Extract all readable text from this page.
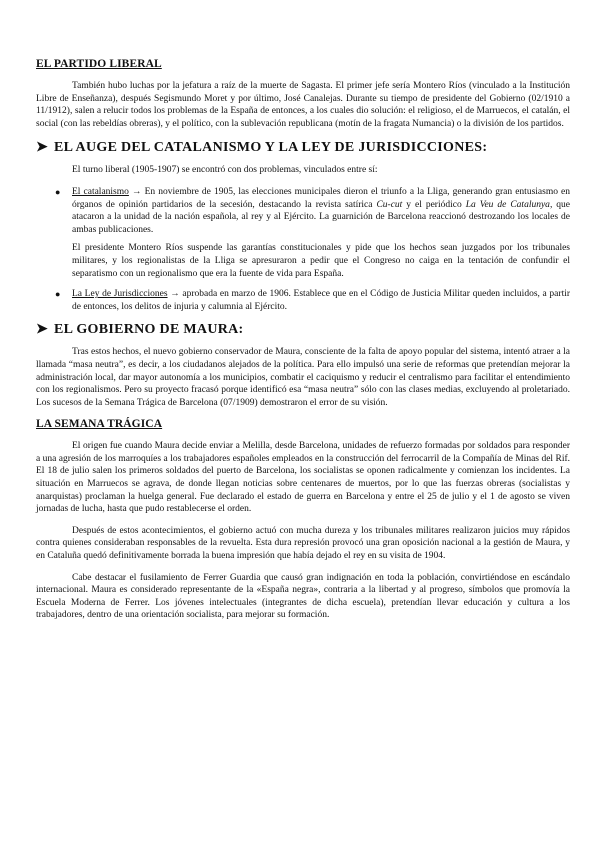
EL PARTIDO LIBERAL

También hubo luchas por la jefatura a raíz de la muerte de Sagasta. El primer jefe sería Montero Ríos (vinculado a la Institución Libre de Enseñanza), después Segismundo Moret y por último, José Canalejas. Durante su tiempo de presidente del Gobierno (02/1910 a 11/1912), salen a relucir todos los problemas de la España de entonces, a los cuales dio solución: el religioso, el de Marruecos, el catalán, el social (con las rebeldías obreras), y el político, con la sublevación republicana (motín de la fragata Numancia) o la división de los partidos.

➤ EL AUGE DEL CATALANISMO Y LA LEY DE JURISDICCIONES:

El turno liberal (1905-1907) se encontró con dos problemas, vinculados entre sí:

● El catalanismo → En noviembre de 1905, las elecciones municipales dieron el triunfo a la Lliga, generando gran entusiasmo en órganos de opinión partidarios de la secesión, destacando la revista satírica Cu-cut y el periódico La Veu de Catalunya, que atacaron a la unidad de la nación española, al rey y al Ejército. La guarnición de Barcelona reaccionó destrozando los locales de ambas publicaciones.

El presidente Montero Ríos suspende las garantías constitucionales y pide que los hechos sean juzgados por los tribunales militares, y los regionalistas de la Lliga se apresuraron a pedir que el Congreso no caiga en la tentación de confundir el separatismo con un regionalismo que era la fuente de vida para España.

● La Ley de Jurisdicciones → aprobada en marzo de 1906. Establece que en el Código de Justicia Militar queden incluidos, a partir de entonces, los delitos de injuria y calumnia al Ejército.

➤ EL GOBIERNO DE MAURA:

Tras estos hechos, el nuevo gobierno conservador de Maura, consciente de la falta de apoyo popular del sistema, intentó atraer a la llamada “masa neutra”, es decir, a los ciudadanos alejados de la política. Para ello impulsó una serie de reformas que pretendían mejorar la administración local, dar mayor autonomía a los municipios, combatir el caciquismo y reducir el centralismo para facilitar el entendimiento con los regionalismos. Pero su proyecto fracasó porque identificó esa “masa neutra” sólo con las clases medias, excluyendo al proletariado. Los sucesos de la Semana Trágica de Barcelona (07/1909) demostraron el error de su visión.

LA SEMANA TRÁGICA

El origen fue cuando Maura decide enviar a Melilla, desde Barcelona, unidades de refuerzo formadas por soldados para responder a una agresión de los marroquíes a los trabajadores españoles empleados en la construcción del ferrocarril de la Compañía de Minas del Rif. El 18 de julio salen los primeros soldados del puerto de Barcelona, los socialistas se oponen radicalmente y comienzan los incidentes. La situación en Marruecos se agrava, de donde llegan noticias sobre centenares de muertos, por lo que las fuerzas obreras (socialistas y anarquistas) proclaman la huelga general. Fue declarado el estado de guerra en Barcelona y entre el 25 de julio y el 1 de agosto se viven jornadas de lucha, hasta que pudo restablecerse el orden.

Después de estos acontecimientos, el gobierno actuó con mucha dureza y los tribunales militares realizaron juicios muy rápidos contra quienes consideraban responsables de la revuelta. Esta dura represión provocó una gran oposición nacional a la gestión de Maura, y en Cataluña quedó definitivamente borrada la buena impresión que había dejado el rey en su visita de 1904.

Cabe destacar el fusilamiento de Ferrer Guardia que causó gran indignación en toda la población, convirtiéndose en escándalo internacional. Maura es considerado representante de la «España negra», contraria a la libertad y al progreso, símbolos que promovía la Escuela Moderna de Ferrer. Los jóvenes intelectuales (integrantes de dicha escuela), pretendían llevar educación y cultura a los trabajadores, dentro de una orientación socialista, para mejorar su formación.
